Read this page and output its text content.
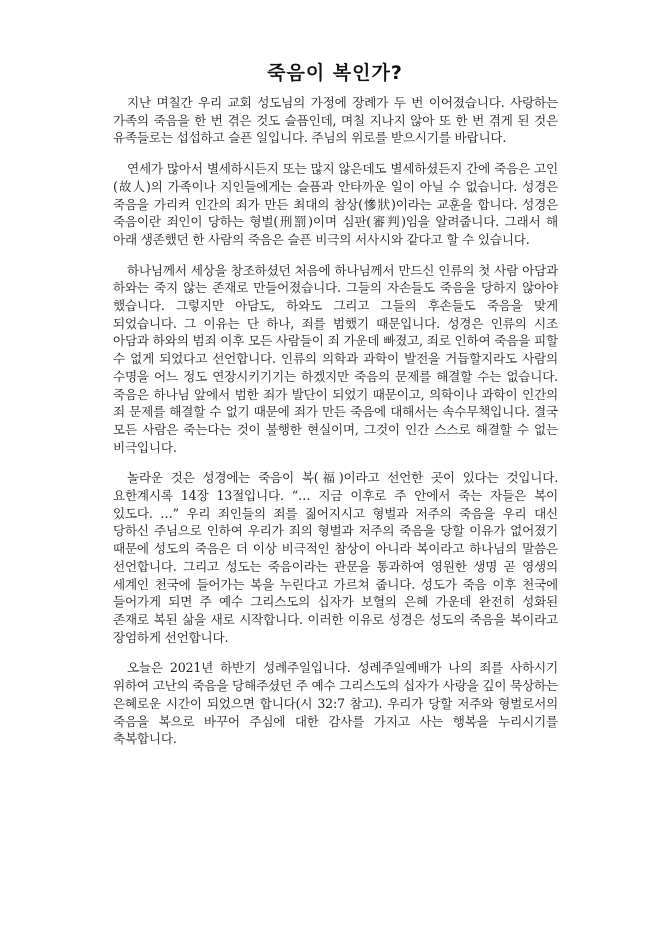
죽음이 복인가?

지난 며칠간 우리 교회 성도님의 가정에 장례가 두 번 이어졌습니다. 사랑하는 가족의 죽음을 한 번 겪은 것도 슬픔인데, 며칠 지나지 않아 또 한 번 겪게 된 것은 유족들로는 섭섭하고 슬픈 일입니다. 주님의 위로를 받으시기를 바랍니다.

연세가 많아서 별세하시든지 또는 많지 않은데도 별세하셨든지 간에 죽음은 고인(故人)의 가족이나 지인들에게는 슬픔과 안타까운 일이 아닐 수 없습니다. 성경은 죽음을 가리켜 인간의 죄가 만든 최대의 참상(慘狀)이라는 교훈을 합니다. 성경은 죽음이란 죄인이 당하는 형벌(刑罰)이며 심판(審判)임을 알려줍니다. 그래서 해 아래 생존했던 한 사람의 죽음은 슬픈 비극의 서사시와 같다고 할 수 있습니다.

하나님께서 세상을 창조하셨던 처음에 하나님께서 만드신 인류의 첫 사람 아담과 하와는 죽지 않는 존재로 만들어졌습니다. 그들의 자손들도 죽음을 당하지 않아야 했습니다. 그렇지만 아담도, 하와도 그리고 그들의 후손들도 죽음을 맞게 되었습니다. 그 이유는 단 하나, 죄를 범했기 때문입니다. 성경은 인류의 시조 아담과 하와의 범죄 이후 모든 사람들이 죄 가운데 빠졌고, 죄로 인하여 죽음을 피할 수 없게 되었다고 선언합니다. 인류의 의학과 과학이 발전을 거듭할지라도 사람의 수명을 어느 정도 연장시키기기는 하겠지만 죽음의 문제를 해결할 수는 없습니다. 죽음은 하나님 앞에서 범한 죄가 발단이 되었기 때문이고, 의학이나 과학이 인간의 죄 문제를 해결할 수 없기 때문에 죄가 만든 죽음에 대해서는 속수무책입니다. 결국 모든 사람은 죽는다는 것이 불행한 현실이며, 그것이 인간 스스로 해결할 수 없는 비극입니다.

놀라운 것은 성경에는 죽음이 복(福)이라고 선언한 곳이 있다는 것입니다. 요한계시록 14장 13절입니다. “… 지금 이후로 주 안에서 죽는 자들은 복이 있도다. …” 우리 죄인들의 죄를 짊어지시고 형벌과 저주의 죽음을 우리 대신 당하신 주님으로 인하여 우리가 죄의 형벌과 저주의 죽음을 당할 이유가 없어졌기 때문에 성도의 죽음은 더 이상 비극적인 참상이 아니라 복이라고 하나님의 말씀은 선언합니다. 그리고 성도는 죽음이라는 관문을 통과하여 영원한 생명 곧 영생의 세계인 천국에 들어가는 복을 누린다고 가르쳐 줍니다. 성도가 죽음 이후 천국에 들어가게 되면 주 예수 그리스도의 십자가 보혈의 은혜 가운데 완전히 성화된 존재로 복된 삶을 새로 시작합니다. 이러한 이유로 성경은 성도의 죽음을 복이라고 장엄하게 선언합니다.

오늘은 2021년 하반기 성례주일입니다. 성례주일예배가 나의 죄를 사하시기 위하여 고난의 죽음을 당해주셨던 주 예수 그리스도의 십자가 사랑을 깊이 묵상하는 은혜로운 시간이 되었으면 합니다(시 32:7 참고). 우리가 당할 저주와 형벌로서의 죽음을 복으로 바꾸어 주심에 대한 감사를 가지고 사는 행복을 누리시기를 축복합니다.
